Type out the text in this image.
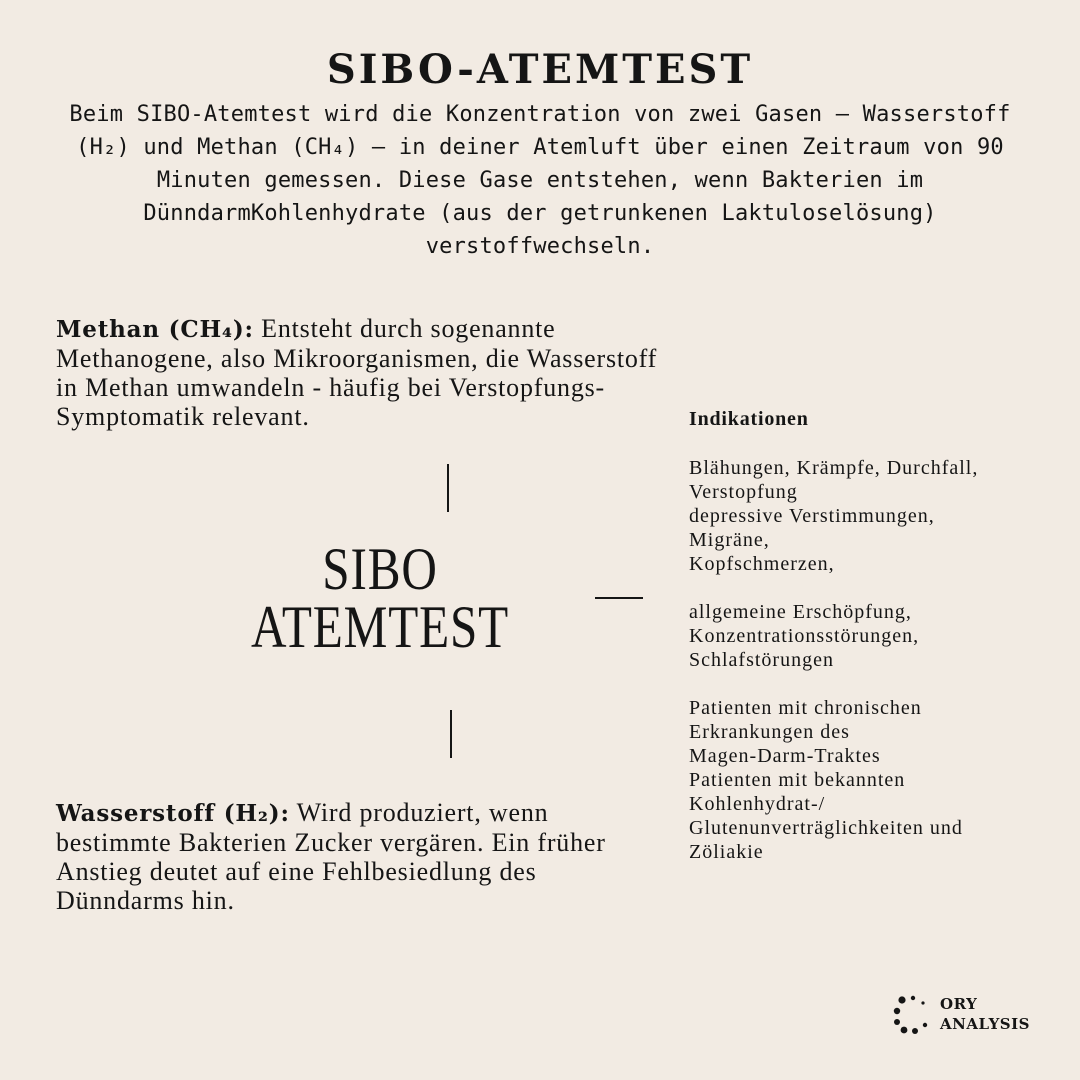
SIBO-ATEMTEST

Beim SIBO-Atemtest wird die Konzentration von zwei Gasen – Wasserstoff (H₂) und Methan (CH₄) – in deiner Atemluft über einen Zeitraum von 90 Minuten gemessen. Diese Gase entstehen, wenn Bakterien im DünndarmKohlenhydrate (aus der getrunkenen Laktuloselösung) verstoffwechseln.

Methan (CH₄): Entsteht durch sogenannte Methanogene, also Mikroorganismen, die Wasserstoff in Methan umwandeln - häufig bei Verstopfungs-Symptomatik relevant.

SIBO
ATEMTEST

Wasserstoff (H₂): Wird produziert, wenn bestimmte Bakterien Zucker vergären. Ein früher Anstieg deutet auf eine Fehlbesiedlung des Dünndarms hin.

Indikationen
Blähungen, Krämpfe, Durchfall,
Verstopfung
depressive Verstimmungen,
Migräne,
Kopfschmerzen,
allgemeine Erschöpfung,
Konzentrationsstörungen,
Schlafstörungen
Patienten mit chronischen
Erkrankungen des
Magen-Darm-Traktes
Patienten mit bekannten
Kohlenhydrat-/
Glutenunverträglichkeiten und
Zöliakie
ORY
ANALYSIS
